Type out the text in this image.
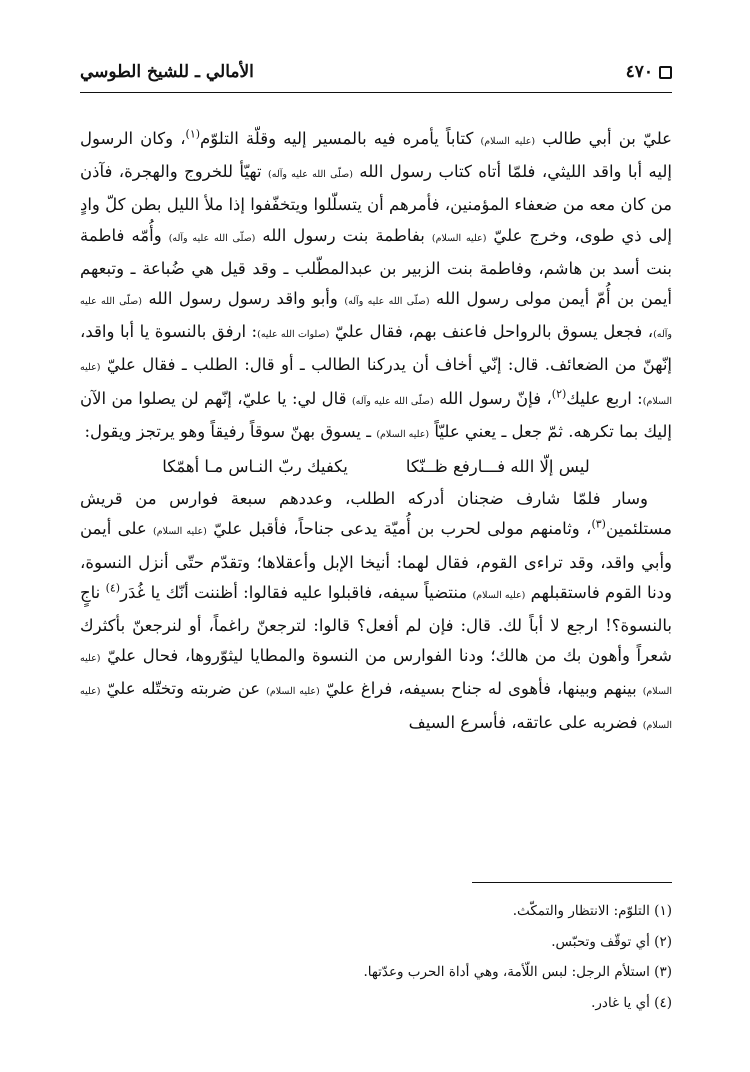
٤٧٠
الأمالي ـ للشيخ الطوسي

عليّ بن أبي طالب (عليه السلام) كتاباً يأمره فيه بالمسير إليه وقلّة التلوّم$^{(١)}$، وكان الرسول إليه أبا واقد الليثي، فلمّا أتاه كتاب رسول الله (صلّى الله عليه وآله) تهيّأ للخروج والهجرة، فآذن من كان معه من ضعفاء المؤمنين، فأمرهم أن يتسلّلوا ويتخفّفوا إذا ملأ الليل بطن كلّ وادٍ إلى ذي طوى، وخرج عليّ (عليه السلام) بفاطمة بنت رسول الله (صلّى الله عليه وآله) وأُمّه فاطمة بنت أسد بن هاشم، وفاطمة بنت الزبير بن عبدالمطّلب ـ وقد قيل هي ضُباعة ـ وتبعهم أيمن بن أُمّ أيمن مولى رسول الله (صلّى الله عليه وآله) وأبو واقد رسول رسول الله (صلّى الله عليه وآله)، فجعل يسوق بالرواحل فاعنف بهم، فقال عليّ (صلوات الله عليه): ارفق بالنسوة يا أبا واقد، إنّهنّ من الضعائف. قال: إنّي أخاف أن يدركنا الطالب ـ أو قال: الطلب ـ فقال عليّ (عليه السلام): اربع عليك$^{(٢)}$، فإنّ رسول الله (صلّى الله عليه وآله) قال لي: يا عليّ، إنّهم لن يصلوا من الآن إليك بما تكرهه. ثمّ جعل ـ يعني عليّاً (عليه السلام) ـ يسوق بهنّ سوقاً رفيقاً وهو يرتجز ويقول:

ليس إلّا الله فـــارفع ظــنّكا
يكفيك ربّ النـاس مـا أهمّكا

وسار فلمّا شارف ضجنان أدركه الطلب، وعددهم سبعة فوارس من قريش مستلئمين$^{(٣)}$، وثامنهم مولى لحرب بن أُميّة يدعى جناحاً، فأقبل عليّ (عليه السلام) على أيمن وأبي واقد، وقد تراءى القوم، فقال لهما: أنيخا الإبل وأعقلاها؛ وتقدّم حتّى أنزل النسوة، ودنا القوم فاستقبلهم (عليه السلام) منتضياً سيفه، فاقبلوا عليه فقالوا: أظننت أنّك يا غُدَر$^{(٤)}$ ناجٍ بالنسوة؟! ارجع لا أباً لك. قال: فإن لم أفعل؟ قالوا: لترجعنّ راغماً، أو لنرجعنّ بأكثرك شعراً وأهون بك من هالك؛ ودنا الفوارس من النسوة والمطايا ليثوّروها، فحال عليّ (عليه السلام) بينهم وبينها، فأهوى له جناح بسيفه، فراغ عليّ (عليه السلام) عن ضربته وتختّله عليّ (عليه السلام) فضربه على عاتقه، فأسرع السيف

(١) التلوّم: الانتظار والتمكّث.

(٢) أي توقّف وتحبّس.

(٣) استلأم الرجل: لبس اللّأمة، وهي أداة الحرب وعدّتها.

(٤) أي يا غادر.
